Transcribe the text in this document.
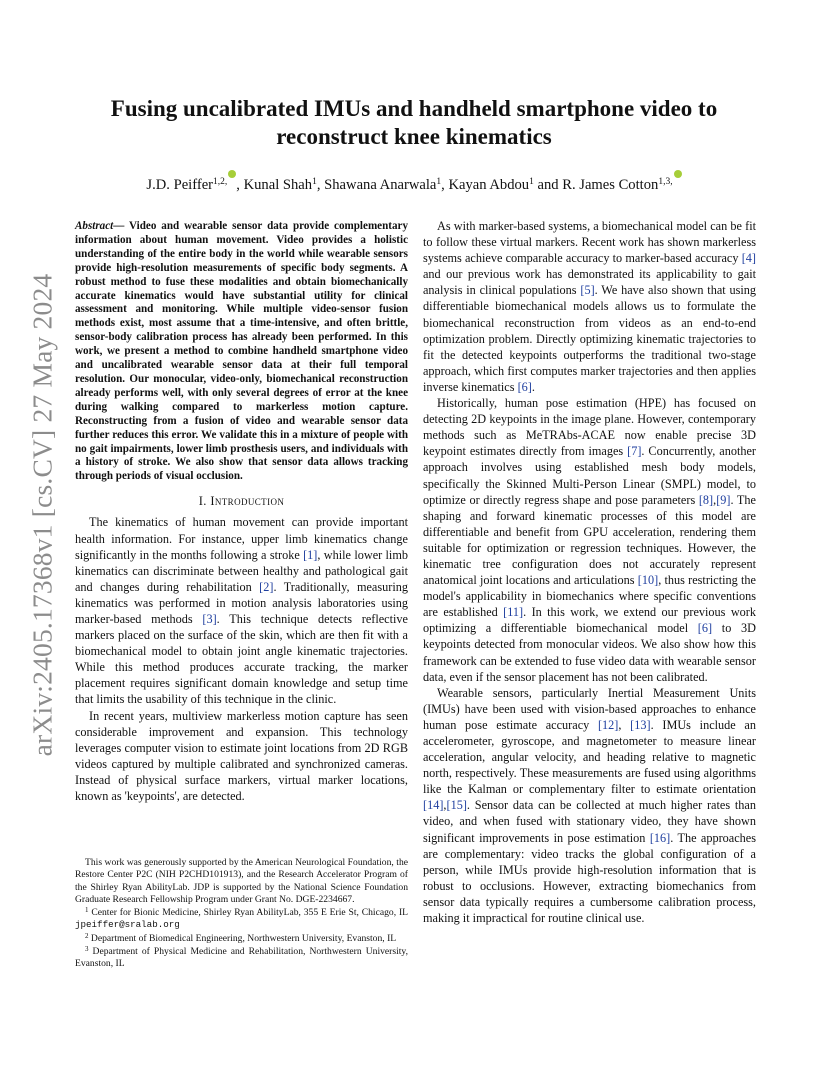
arXiv:2405.17368v1 [cs.CV] 27 May 2024
Fusing uncalibrated IMUs and handheld smartphone video to reconstruct knee kinematics
J.D. Peiffer$^{1,2,}$ , Kunal Shah$^1$, Shawana Anarwala$^1$, Kayan Abdou$^1$ and R. James Cotton$^{1,3,}$

Abstract— Video and wearable sensor data provide complementary information about human movement. Video provides a holistic understanding of the entire body in the world while wearable sensors provide high-resolution measurements of specific body segments. A robust method to fuse these modalities and obtain biomechanically accurate kinematics would have substantial utility for clinical assessment and monitoring. While multiple video-sensor fusion methods exist, most assume that a time-intensive, and often brittle, sensor-body calibration process has already been performed. In this work, we present a method to combine handheld smartphone video and uncalibrated wearable sensor data at their full temporal resolution. Our monocular, video-only, biomechanical reconstruction already performs well, with only several degrees of error at the knee during walking compared to markerless motion capture. Reconstructing from a fusion of video and wearable sensor data further reduces this error. We validate this in a mixture of people with no gait impairments, lower limb prosthesis users, and individuals with a history of stroke. We also show that sensor data allows tracking through periods of visual occlusion.

I. Introduction

The kinematics of human movement can provide important health information. For instance, upper limb kinematics change significantly in the months following a stroke [1], while lower limb kinematics can discriminate between healthy and pathological gait and changes during rehabilitation [2]. Traditionally, measuring kinematics was performed in motion analysis laboratories using marker-based methods [3]. This technique detects reflective markers placed on the surface of the skin, which are then fit with a biomechanical model to obtain joint angle kinematic trajectories. While this method produces accurate tracking, the marker placement requires significant domain knowledge and setup time that limits the usability of this technique in the clinic.

In recent years, multiview markerless motion capture has seen considerable improvement and expansion. This technology leverages computer vision to estimate joint locations from 2D RGB videos captured by multiple calibrated and synchronized cameras. Instead of physical surface markers, virtual marker locations, known as 'keypoints', are detected.

This work was generously supported by the American Neurological Foundation, the Restore Center P2C (NIH P2CHD101913), and the Research Accelerator Program of the Shirley Ryan AbilityLab. JDP is supported by the National Science Foundation Graduate Research Fellowship Program under Grant No. DGE-2234667.

$^1$ Center for Bionic Medicine, Shirley Ryan AbilityLab, 355 E Erie St, Chicago, IL jpeiffer@sralab.org

$^2$ Department of Biomedical Engineering, Northwestern University, Evanston, IL

$^3$ Department of Physical Medicine and Rehabilitation, Northwestern University, Evanston, IL

As with marker-based systems, a biomechanical model can be fit to follow these virtual markers. Recent work has shown markerless systems achieve comparable accuracy to marker-based accuracy [4] and our previous work has demonstrated its applicability to gait analysis in clinical populations [5]. We have also shown that using differentiable biomechanical models allows us to formulate the biomechanical reconstruction from videos as an end-to-end optimization problem. Directly optimizing kinematic trajectories to fit the detected keypoints outperforms the traditional two-stage approach, which first computes marker trajectories and then applies inverse kinematics [6].

Historically, human pose estimation (HPE) has focused on detecting 2D keypoints in the image plane. However, contemporary methods such as MeTRAbs-ACAE now enable precise 3D keypoint estimates directly from images [7]. Concurrently, another approach involves using established mesh body models, specifically the Skinned Multi-Person Linear (SMPL) model, to optimize or directly regress shape and pose parameters [8],[9]. The shaping and forward kinematic processes of this model are differentiable and benefit from GPU acceleration, rendering them suitable for optimization or regression techniques. However, the kinematic tree configuration does not accurately represent anatomical joint locations and articulations [10], thus restricting the model's applicability in biomechanics where specific conventions are established [11]. In this work, we extend our previous work optimizing a differentiable biomechanical model [6] to 3D keypoints detected from monocular videos. We also show how this framework can be extended to fuse video data with wearable sensor data, even if the sensor placement has not been calibrated.

Wearable sensors, particularly Inertial Measurement Units (IMUs) have been used with vision-based approaches to enhance human pose estimate accuracy [12], [13]. IMUs include an accelerometer, gyroscope, and magnetometer to measure linear acceleration, angular velocity, and heading relative to magnetic north, respectively. These measurements are fused using algorithms like the Kalman or complementary filter to estimate orientation [14],[15]. Sensor data can be collected at much higher rates than video, and when fused with stationary video, they have shown significant improvements in pose estimation [16]. The approaches are complementary: video tracks the global configuration of a person, while IMUs provide high-resolution information that is robust to occlusions. However, extracting biomechanics from sensor data typically requires a cumbersome calibration process, making it impractical for routine clinical use.
